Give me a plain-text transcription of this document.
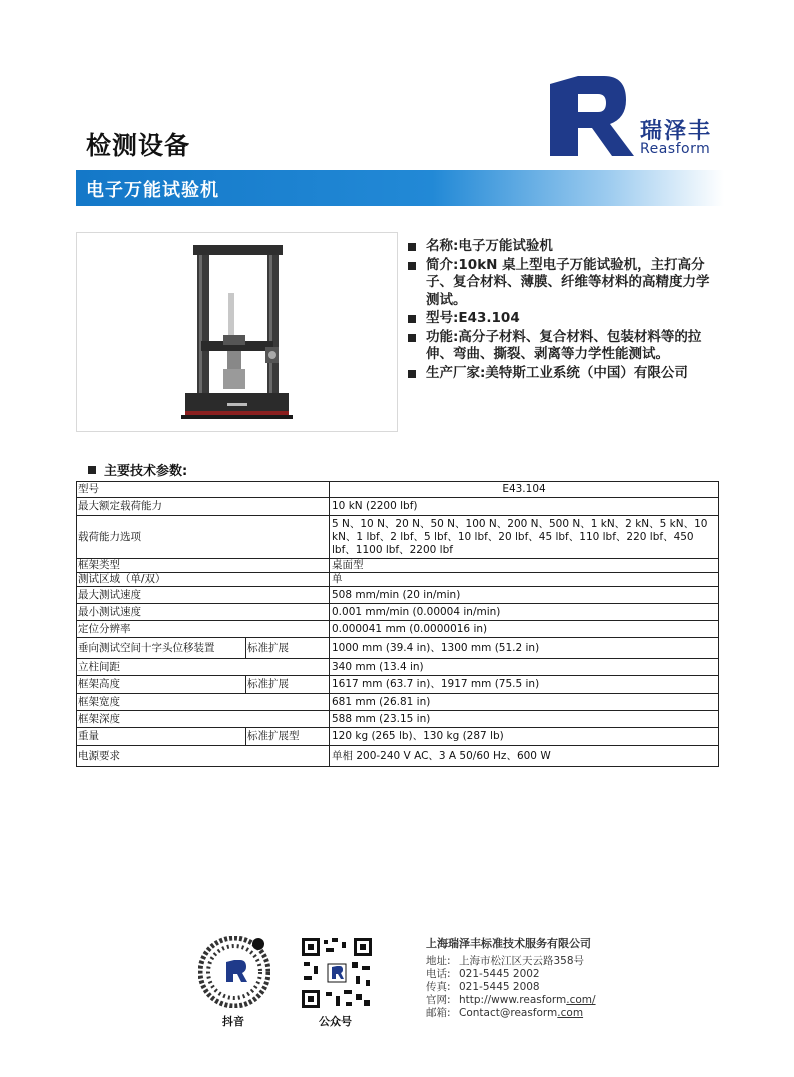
检测设备	瑞泽丰
Reasform
电子万能试验机
名称:电子万能试验机
简介:10kN 桌上型电子万能试验机，主打高分子、复合材料、薄膜、纤维等材料的高精度力学测试。
型号:E43.104
功能:高分子材料、复合材料、包装材料等的拉伸、弯曲、撕裂、剥离等力学性能测试。
生产厂家:美特斯工业系统（中国）有限公司
主要技术参数:
型号		E43.104
最大额定载荷能力		10 kN (2200 lbf)
载荷能力选项		5 N、10 N、20 N、50 N、100 N、200 N、500 N、1 kN、2 kN、5 kN、10 kN、1 lbf、2 lbf、5 lbf、10 lbf、20 lbf、45 lbf、110 lbf、220 lbf、450 lbf、1100 lbf、2200 lbf
框架类型		桌面型
测试区域（单/双）		单
最大测试速度		508 mm/min (20 in/min)
最小测试速度		0.001 mm/min (0.00004 in/min)
定位分辨率		0.000041 mm (0.0000016 in)
垂向测试空间十字头位移装置	标准扩展	1000 mm (39.4 in)、1300 mm (51.2 in)
立柱间距		340 mm (13.4 in)
框架高度	标准扩展	1617 mm (63.7 in)、1917 mm (75.5 in)
框架宽度		681 mm (26.81 in)
框架深度		588 mm (23.15 in)
重量	标准扩展型	120 kg (265 lb)、130 kg (287 lb)
电源要求		单相 200-240 V AC、3 A 50/60 Hz、600 W
抖音	公众号
上海瑞泽丰标准技术服务有限公司
地址: 上海市松江区天云路358号
电话: 021-5445 2002
传真: 021-5445 2008
官网: http://www.reasform.com/
邮箱: Contact@reasform.com
